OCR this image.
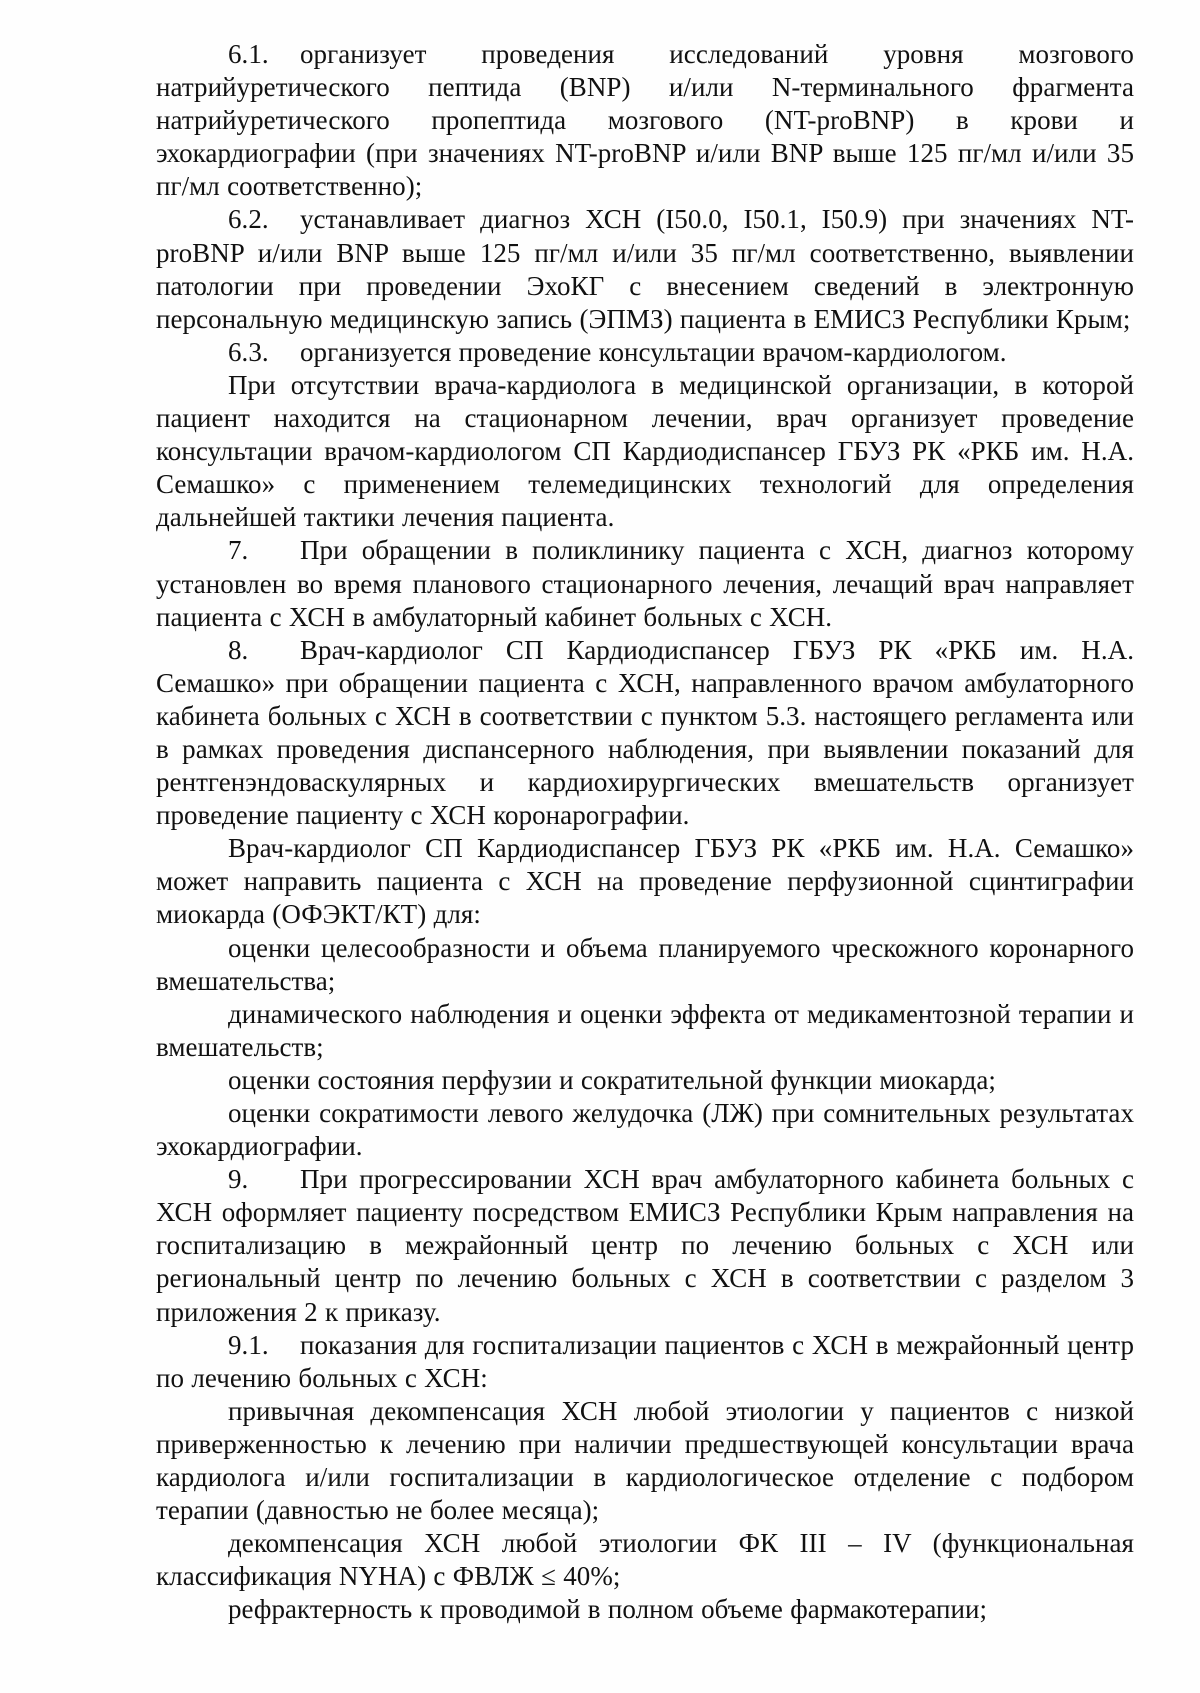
6.1. организует проведения исследований уровня мозгового натрийуретического пептида (BNP) и/или N-терминального фрагмента натрийуретического пропептида мозгового (NT-proBNP) в крови и эхокардиографии (при значениях NT-proBNP и/или BNP выше 125 пг/мл и/или 35 пг/мл соответственно);

6.2. устанавливает диагноз ХСН (I50.0, I50.1, I50.9) при значениях NT-proBNP и/или BNP выше 125 пг/мл и/или 35 пг/мл соответственно, выявлении патологии при проведении ЭхоКГ с внесением сведений в электронную персональную медицинскую запись (ЭПМЗ) пациента в ЕМИСЗ Республики Крым;

6.3. организуется проведение консультации врачом-кардиологом.

При отсутствии врача-кардиолога в медицинской организации, в которой пациент находится на стационарном лечении, врач организует проведение консультации врачом-кардиологом СП Кардиодиспансер ГБУЗ РК «РКБ им. Н.А. Семашко» с применением телемедицинских технологий для определения дальнейшей тактики лечения пациента.

7. При обращении в поликлинику пациента с ХСН, диагноз которому установлен во время планового стационарного лечения, лечащий врач направляет пациента с ХСН в амбулаторный кабинет больных с ХСН.

8. Врач-кардиолог СП Кардиодиспансер ГБУЗ РК «РКБ им. Н.А. Семашко» при обращении пациента с ХСН, направленного врачом амбулаторного кабинета больных с ХСН в соответствии с пунктом 5.3. настоящего регламента или в рамках проведения диспансерного наблюдения, при выявлении показаний для рентгенэндоваскулярных и кардиохирургических вмешательств организует проведение пациенту с ХСН коронарографии.

Врач-кардиолог СП Кардиодиспансер ГБУЗ РК «РКБ им. Н.А. Семашко» может направить пациента с ХСН на проведение перфузионной сцинтиграфии миокарда (ОФЭКТ/КТ) для:

оценки целесообразности и объема планируемого чрескожного коронарного вмешательства;

динамического наблюдения и оценки эффекта от медикаментозной терапии и вмешательств;

оценки состояния перфузии и сократительной функции миокарда;

оценки сократимости левого желудочка (ЛЖ) при сомнительных результатах эхокардиографии.

9. При прогрессировании ХСН врач амбулаторного кабинета больных с ХСН оформляет пациенту посредством ЕМИСЗ Республики Крым направления на госпитализацию в межрайонный центр по лечению больных с ХСН или региональный центр по лечению больных с ХСН в соответствии с разделом 3 приложения 2 к приказу.

9.1. показания для госпитализации пациентов с ХСН в межрайонный центр по лечению больных с ХСН:

привычная декомпенсация ХСН любой этиологии у пациентов с низкой приверженностью к лечению при наличии предшествующей консультации врача кардиолога и/или госпитализации в кардиологическое отделение с подбором терапии (давностью не более месяца);

декомпенсация ХСН любой этиологии ФК III – IV (функциональная классификация NYHA) с ФВЛЖ ≤ 40%;

рефрактерность к проводимой в полном объеме фармакотерапии;
